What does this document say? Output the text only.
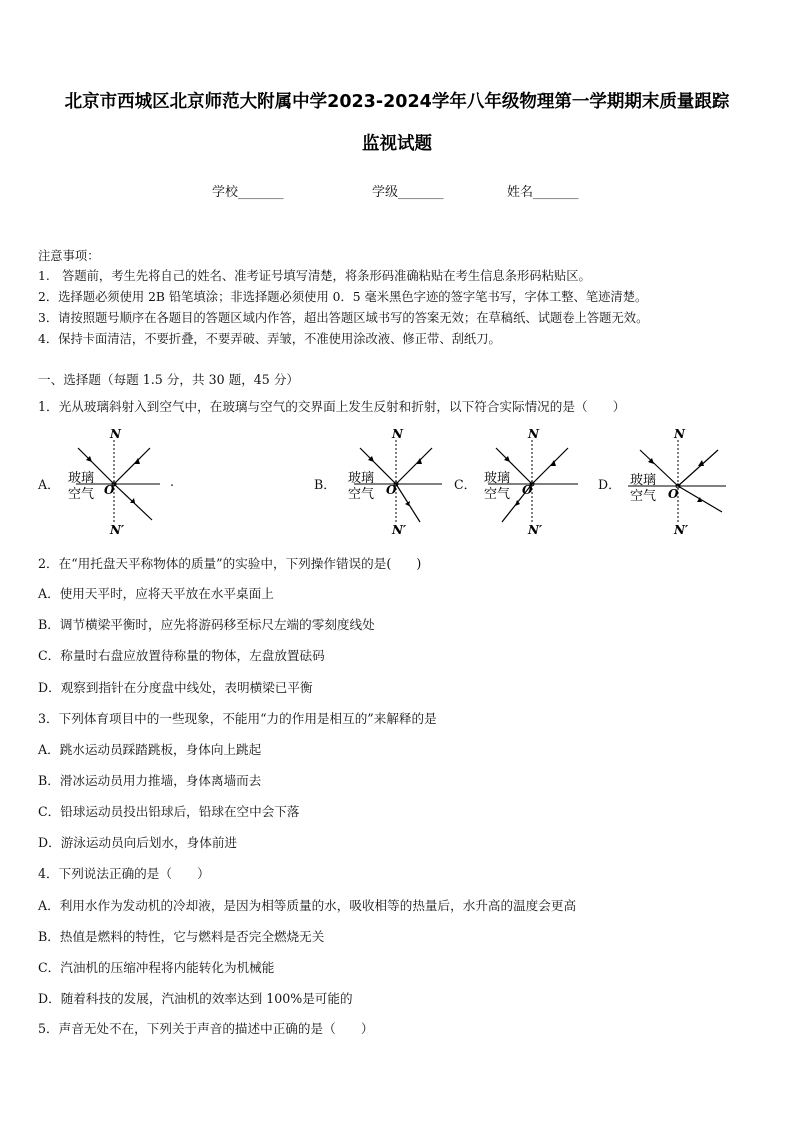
北京市西城区北京师范大附属中学2023-2024学年八年级物理第一学期期末质量跟踪
监视试题
学校_______	学级_______	姓名_______
注意事项：
1.　答题前，考生先将自己的姓名、准考证号填写清楚，将条形码准确粘贴在考生信息条形码粘贴区。
2．选择题必须使用 2B 铅笔填涂；非选择题必须使用 0．5 毫米黑色字迹的签字笔书写，字体工整、笔迹清楚。
3．请按照题号顺序在各题目的答题区域内作答，超出答题区域书写的答案无效；在草稿纸、试题卷上答题无效。
4．保持卡面清洁，不要折叠，不要弄破、弄皱，不准使用涂改液、修正带、刮纸刀。
一、选择题（每题 1.5 分，共 30 题，45 分）
1．光从玻璃斜射入到空气中，在玻璃与空气的交界面上发生反射和折射，以下符合实际情况的是（　　）
A．	.
N
N′
O
玻璃
空气
B．
N
N′
O
玻璃
空气
C．
N
N′
O
玻璃
空气
D．
N
N′
O
玻璃
空气
2．在“用托盘天平称物体的质量”的实验中，下列操作错误的是(　　)
A．使用天平时，应将天平放在水平桌面上
B．调节横梁平衡时，应先将游码移至标尺左端的零刻度线处
C．称量时右盘应放置待称量的物体，左盘放置砝码
D．观察到指针在分度盘中线处，表明横梁已平衡
3．下列体育项目中的一些现象，不能用“力的作用是相互的”来解释的是
A．跳水运动员踩踏跳板，身体向上跳起
B．滑冰运动员用力推墙，身体离墙而去
C．铅球运动员投出铅球后，铅球在空中会下落
D．游泳运动员向后划水，身体前进
4．下列说法正确的是（　　）
A．利用水作为发动机的冷却液，是因为相等质量的水，吸收相等的热量后，水升高的温度会更高
B．热值是燃料的特性，它与燃料是否完全燃烧无关
C．汽油机的压缩冲程将内能转化为机械能
D．随着科技的发展，汽油机的效率达到 100%是可能的
5．声音无处不在，下列关于声音的描述中正确的是（　　）
